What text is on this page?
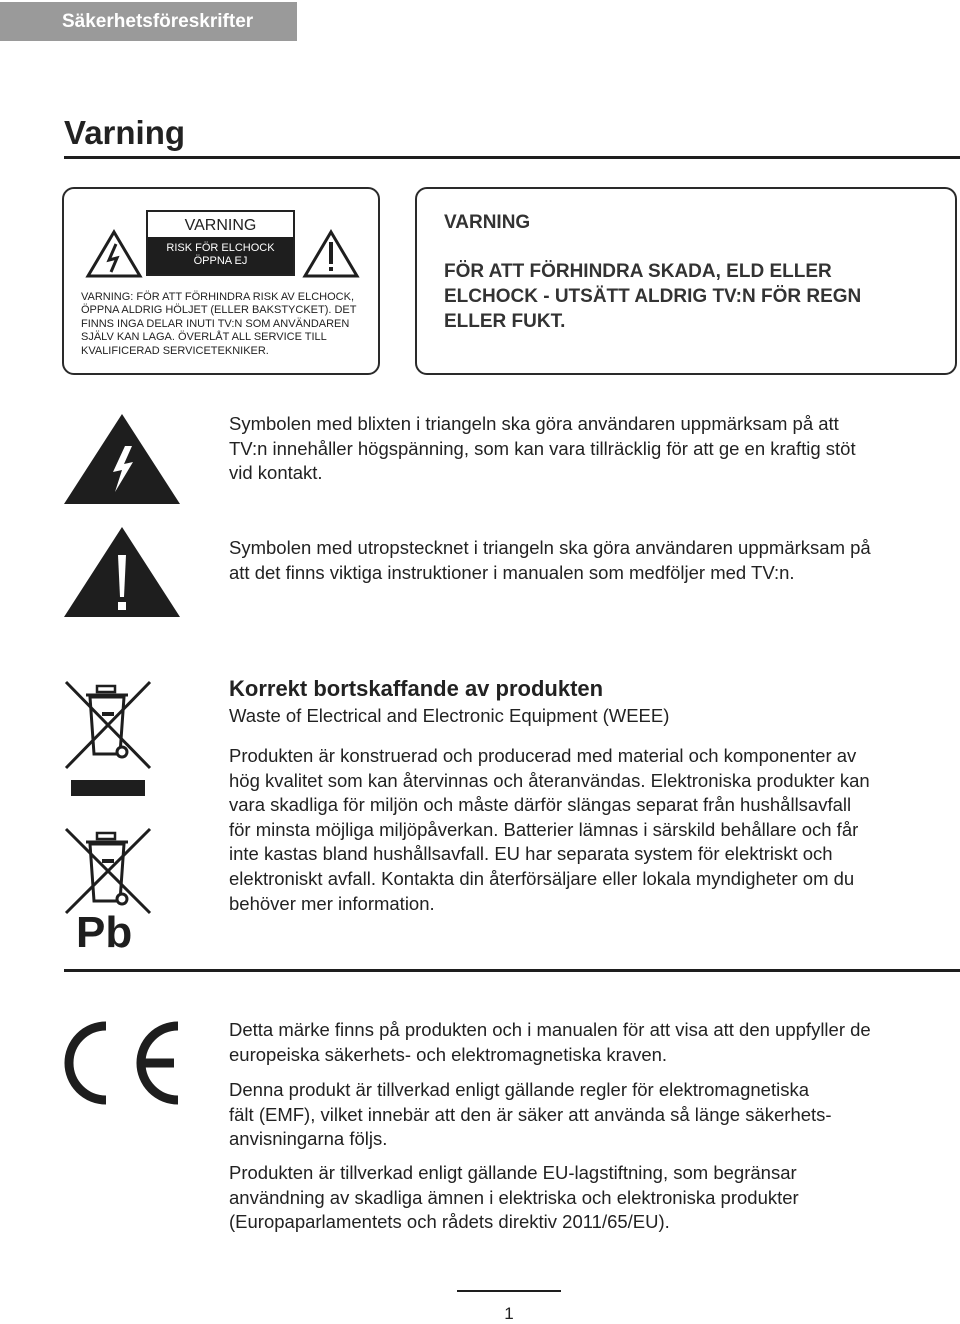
Säkerhetsföreskrifter
Varning
VARNING
RISK FÖR ELCHOCK
ÖPPNA EJ
VARNING: FÖR ATT FÖRHINDRA RISK AV ELCHOCK,
ÖPPNA ALDRIG HÖLJET (ELLER BAKSTYCKET). DET
FINNS INGA DELAR INUTI TV:N SOM ANVÄNDAREN
SJÄLV KAN LAGA. ÖVERLÅT ALL SERVICE TILL
KVALIFICERAD SERVICETEKNIKER.
VARNING
FÖR ATT FÖRHINDRA SKADA, ELD ELLER
ELCHOCK - UTSÄTT ALDRIG TV:N FÖR REGN
ELLER FUKT.
Symbolen med blixten i triangeln ska göra användaren uppmärksam på att
TV:n innehåller högspänning, som kan vara tillräcklig för att ge en kraftig stöt
vid kontakt.
Symbolen med utropstecknet i triangeln ska göra användaren uppmärksam på
att det finns viktiga instruktioner i manualen som medföljer med TV:n.
Pb
Korrekt bortskaffande av produkten
Waste of Electrical and Electronic Equipment (WEEE)
Produkten är konstruerad och producerad med material och komponenter av
hög kvalitet som kan återvinnas och återanvändas. Elektroniska produkter kan
vara skadliga för miljön och måste därför slängas separat från hushållsavfall
för minsta möjliga miljöpåverkan. Batterier lämnas i särskild behållare och får
inte kastas bland hushållsavfall. EU har separata system för elektriskt och
elektroniskt avfall. Kontakta din återförsäljare eller lokala myndigheter om du
behöver mer information.
Detta märke finns på produkten och i manualen för att visa att den uppfyller de
europeiska säkerhets- och elektromagnetiska kraven.
Denna produkt är tillverkad enligt gällande regler för elektromagnetiska
fält (EMF), vilket innebär att den är säker att använda så länge säkerhets-
anvisningarna följs.
Produkten är tillverkad enligt gällande EU-lagstiftning, som begränsar
användning av skadliga ämnen i elektriska och elektroniska produkter
(Europaparlamentets och rådets direktiv 2011/65/EU).
1
